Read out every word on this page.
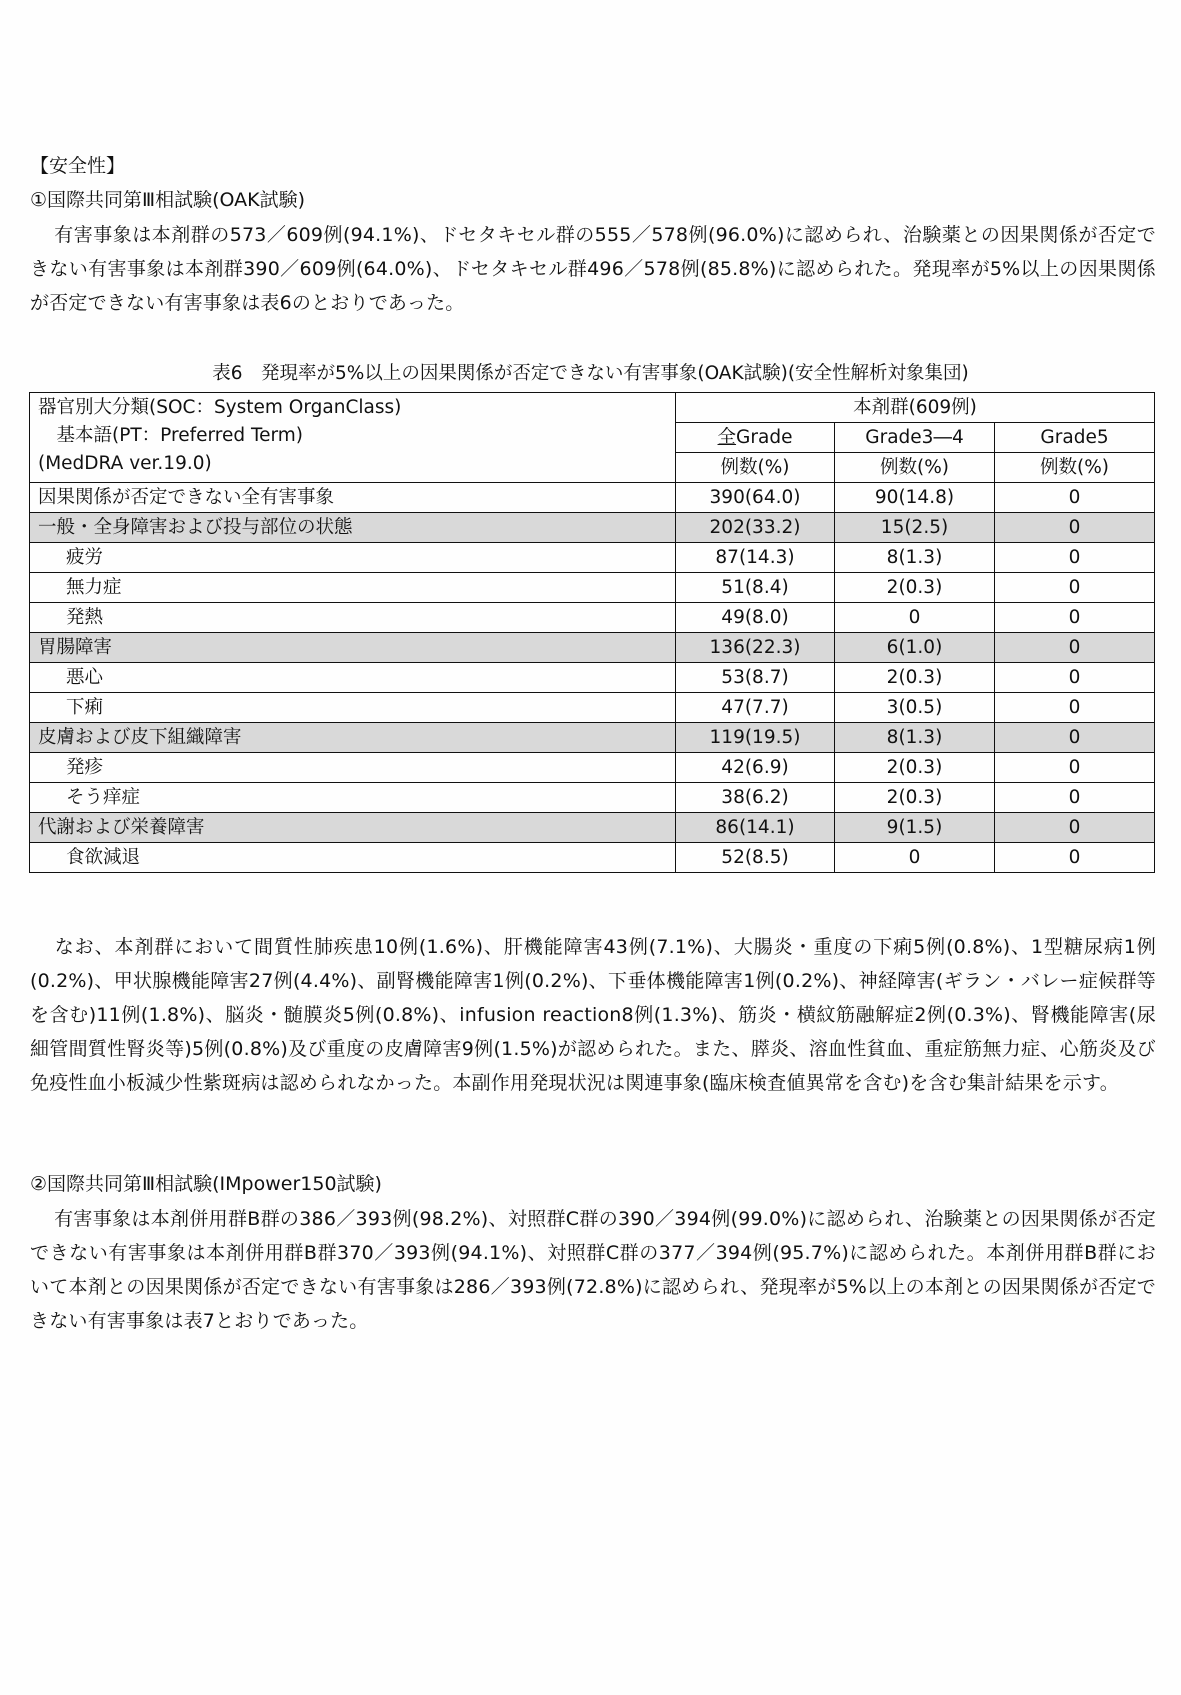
【安全性】
①国際共同第Ⅲ相試験(OAK試験)
有害事象は本剤群の573／609例(94.1%)、ドセタキセル群の555／578例(96.0%)に認められ、治験薬との因果関係が否定できない有害事象は本剤群390／609例(64.0%)、ドセタキセル群496／578例(85.8%)に認められた。発現率が5%以上の因果関係が否定できない有害事象は表6のとおりであった。
表6　発現率が5%以上の因果関係が否定できない有害事象(OAK試験)(安全性解析対象集団)
器官別大分類(SOC：System OrganClass)
　基本語(PT：Preferred Term)
(MedDRA ver.19.0)	本剤群(609例)		
	全Grade	Grade3―4	Grade5
	例数(%)	例数(%)	例数(%)
因果関係が否定できない全有害事象	390(64.0)	90(14.8)	0
一般・全身障害および投与部位の状態	202(33.2)	15(2.5)	0
疲労	87(14.3)	8(1.3)	0
無力症	51(8.4)	2(0.3)	0
発熱	49(8.0)	0	0
胃腸障害	136(22.3)	6(1.0)	0
悪心	53(8.7)	2(0.3)	0
下痢	47(7.7)	3(0.5)	0
皮膚および皮下組織障害	119(19.5)	8(1.3)	0
発疹	42(6.9)	2(0.3)	0
そう痒症	38(6.2)	2(0.3)	0
代謝および栄養障害	86(14.1)	9(1.5)	0
食欲減退	52(8.5)	0	0
なお、本剤群において間質性肺疾患10例(1.6%)、肝機能障害43例(7.1%)、大腸炎・重度の下痢5例(0.8%)、1型糖尿病1例(0.2%)、甲状腺機能障害27例(4.4%)、副腎機能障害1例(0.2%)、下垂体機能障害1例(0.2%)、神経障害(ギラン・バレー症候群等を含む)11例(1.8%)、脳炎・髄膜炎5例(0.8%)、infusion reaction8例(1.3%)、筋炎・横紋筋融解症2例(0.3%)、腎機能障害(尿細管間質性腎炎等)5例(0.8%)及び重度の皮膚障害9例(1.5%)が認められた。また、膵炎、溶血性貧血、重症筋無力症、心筋炎及び免疫性血小板減少性紫斑病は認められなかった。本副作用発現状況は関連事象(臨床検査値異常を含む)を含む集計結果を示す。
②国際共同第Ⅲ相試験(IMpower150試験)
有害事象は本剤併用群B群の386／393例(98.2%)、対照群C群の390／394例(99.0%)に認められ、治験薬との因果関係が否定できない有害事象は本剤併用群B群370／393例(94.1%)、対照群C群の377／394例(95.7%)に認められた。本剤併用群B群において本剤との因果関係が否定できない有害事象は286／393例(72.8%)に認められ、発現率が5%以上の本剤との因果関係が否定できない有害事象は表7とおりであった。
